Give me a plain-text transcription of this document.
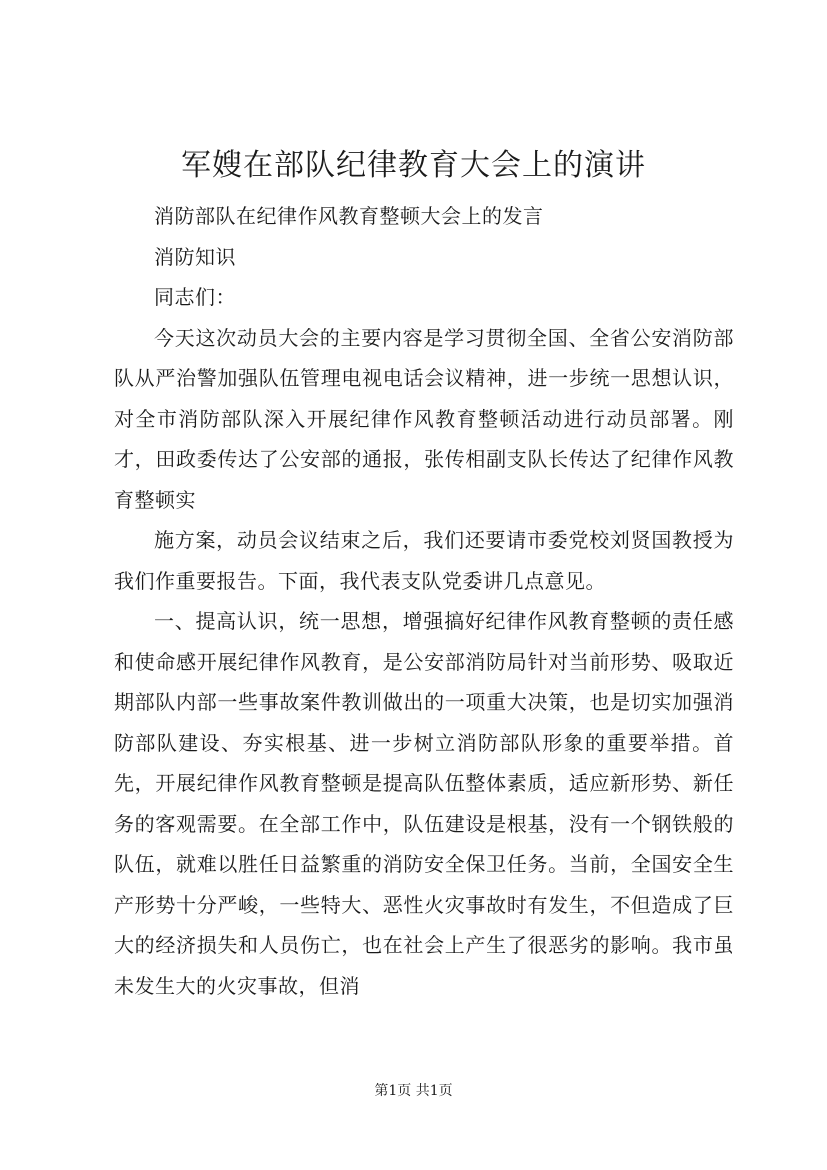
军嫂在部队纪律教育大会上的演讲

消防部队在纪律作风教育整顿大会上的发言

消防知识

同志们：

今天这次动员大会的主要内容是学习贯彻全国、全省公安消防部队从严治警加强队伍管理电视电话会议精神，进一步统一思想认识，对全市消防部队深入开展纪律作风教育整顿活动进行动员部署。刚才，田政委传达了公安部的通报，张传相副支队长传达了纪律作风教育整顿实

施方案，动员会议结束之后，我们还要请市委党校刘贤国教授为我们作重要报告。下面，我代表支队党委讲几点意见。

一、提高认识，统一思想，增强搞好纪律作风教育整顿的责任感和使命感开展纪律作风教育，是公安部消防局针对当前形势、吸取近期部队内部一些事故案件教训做出的一项重大决策，也是切实加强消防部队建设、夯实根基、进一步树立消防部队形象的重要举措。首先，开展纪律作风教育整顿是提高队伍整体素质，适应新形势、新任务的客观需要。在全部工作中，队伍建设是根基，没有一个钢铁般的队伍，就难以胜任日益繁重的消防安全保卫任务。当前，全国安全生产形势十分严峻，一些特大、恶性火灾事故时有发生，不但造成了巨大的经济损失和人员伤亡，也在社会上产生了很恶劣的影响。我市虽未发生大的火灾事故，但消

第1页 共1页
